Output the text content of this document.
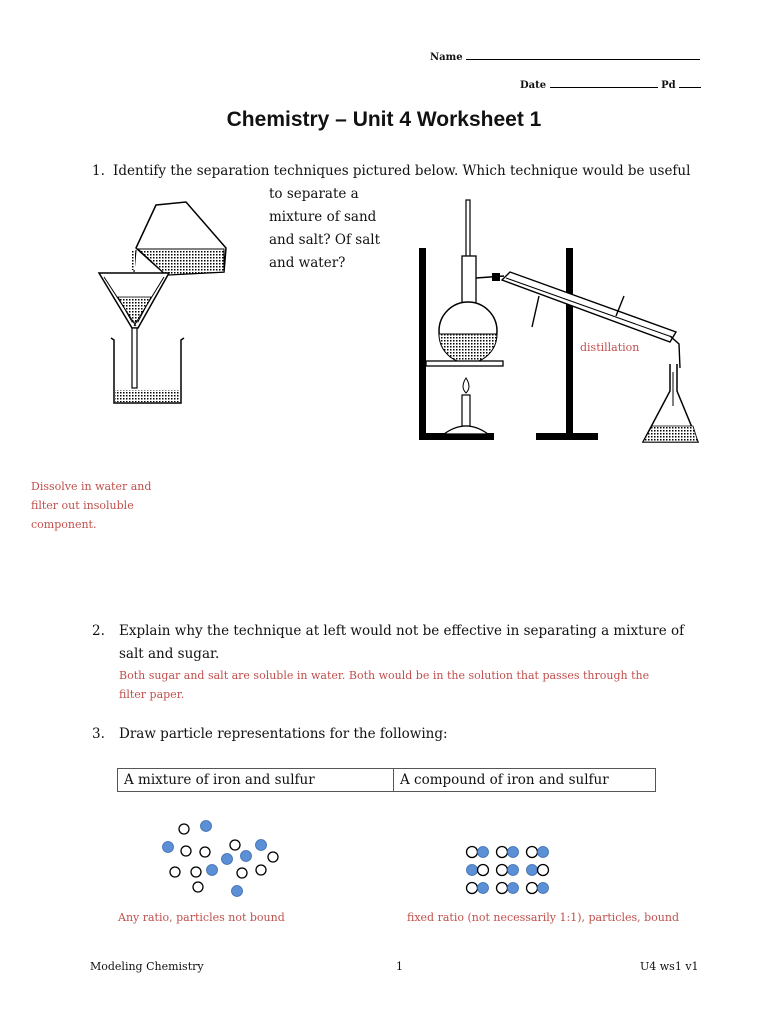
Name
Date	Pd
Chemistry – Unit 4 Worksheet 1
1. Identify the separation techniques pictured below. Which technique would be useful
to separate a
mixture of sand
and salt? Of salt
and water?
distillation
Dissolve in water and
filter out insoluble
component.
2. Explain why the technique at left would not be effective in separating a mixture of
salt and sugar.
Both sugar and salt are soluble in water. Both would be in the solution that passes through the
filter paper.
3. Draw particle representations for the following:
A mixture of iron and sulfur	A compound of iron and sulfur
Any ratio, particles not bound	fixed ratio (not necessarily 1:1), particles, bound
Modeling Chemistry	1	U4 ws1 v1
